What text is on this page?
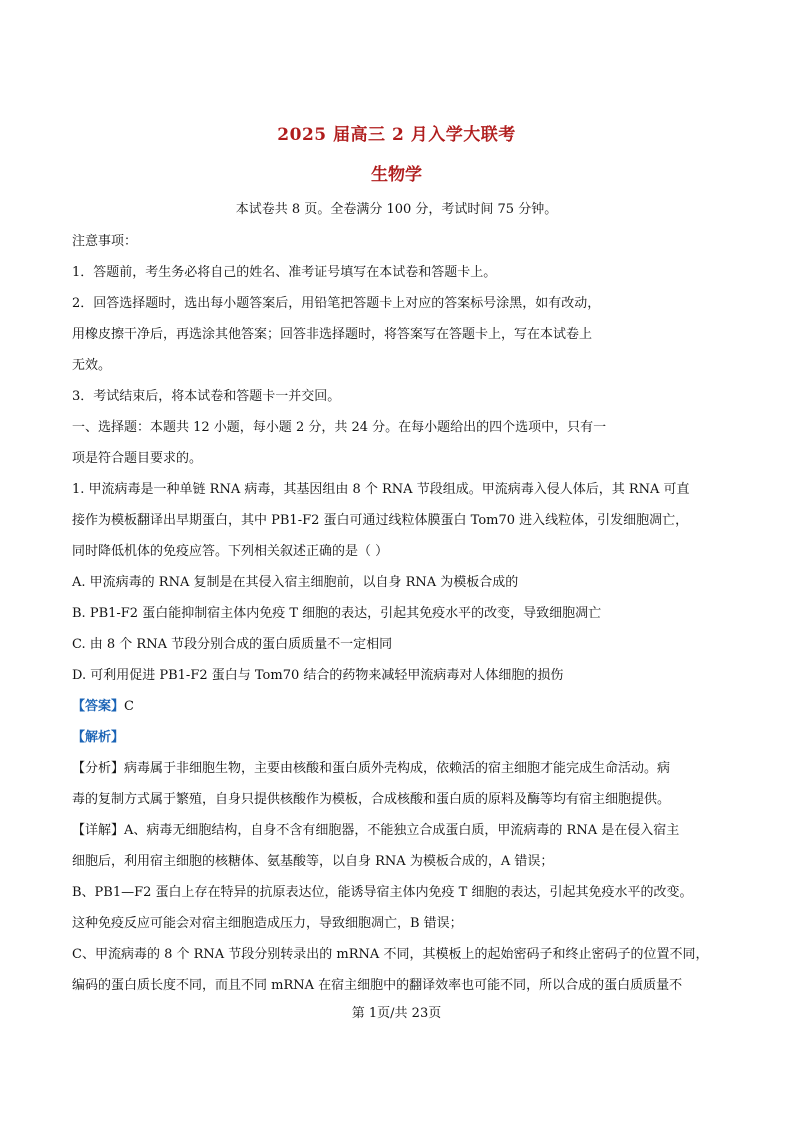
2025 届高三 2 月入学大联考
生物学
本试卷共 8 页。全卷满分 100 分，考试时间 75 分钟。
注意事项：
1．答题前，考生务必将自己的姓名、准考证号填写在本试卷和答题卡上。
2．回答选择题时，选出每小题答案后，用铅笔把答题卡上对应的答案标号涂黑，如有改动，
用橡皮擦干净后，再选涂其他答案；回答非选择题时，将答案写在答题卡上，写在本试卷上
无效。
3．考试结束后，将本试卷和答题卡一并交回。
一、选择题：本题共 12 小题，每小题 2 分，共 24 分。在每小题给出的四个选项中，只有一
项是符合题目要求的。
1. 甲流病毒是一种单链 RNA 病毒，其基因组由 8 个 RNA 节段组成。甲流病毒入侵人体后，其 RNA 可直
接作为模板翻译出早期蛋白，其中 PB1-F2 蛋白可通过线粒体膜蛋白 Tom70 进入线粒体，引发细胞凋亡，
同时降低机体的免疫应答。下列相关叙述正确的是（ ）
A. 甲流病毒的 RNA 复制是在其侵入宿主细胞前，以自身 RNA 为模板合成的
B. PB1-F2 蛋白能抑制宿主体内免疫 T 细胞的表达，引起其免疫水平的改变，导致细胞凋亡
C. 由 8 个 RNA 节段分别合成的蛋白质质量不一定相同
D. 可利用促进 PB1-F2 蛋白与 Tom70 结合的药物来减轻甲流病毒对人体细胞的损伤
【答案】C
【解析】
【分析】病毒属于非细胞生物，主要由核酸和蛋白质外壳构成，依赖活的宿主细胞才能完成生命活动。病
毒的复制方式属于繁殖，自身只提供核酸作为模板，合成核酸和蛋白质的原料及酶等均有宿主细胞提供。
【详解】A、病毒无细胞结构，自身不含有细胞器，不能独立合成蛋白质，甲流病毒的 RNA 是在侵入宿主
细胞后，利用宿主细胞的核糖体、氨基酸等，以自身 RNA 为模板合成的，A 错误；
B、PB1—F2 蛋白上存在特异的抗原表达位，能诱导宿主体内免疫 T 细胞的表达，引起其免疫水平的改变。
这种免疫反应可能会对宿主细胞造成压力，导致细胞凋亡，B 错误；
C、甲流病毒的 8 个 RNA 节段分别转录出的 mRNA 不同，其模板上的起始密码子和终止密码子的位置不同，
编码的蛋白质长度不同，而且不同 mRNA 在宿主细胞中的翻译效率也可能不同，所以合成的蛋白质质量不
第 1页/共 23页
